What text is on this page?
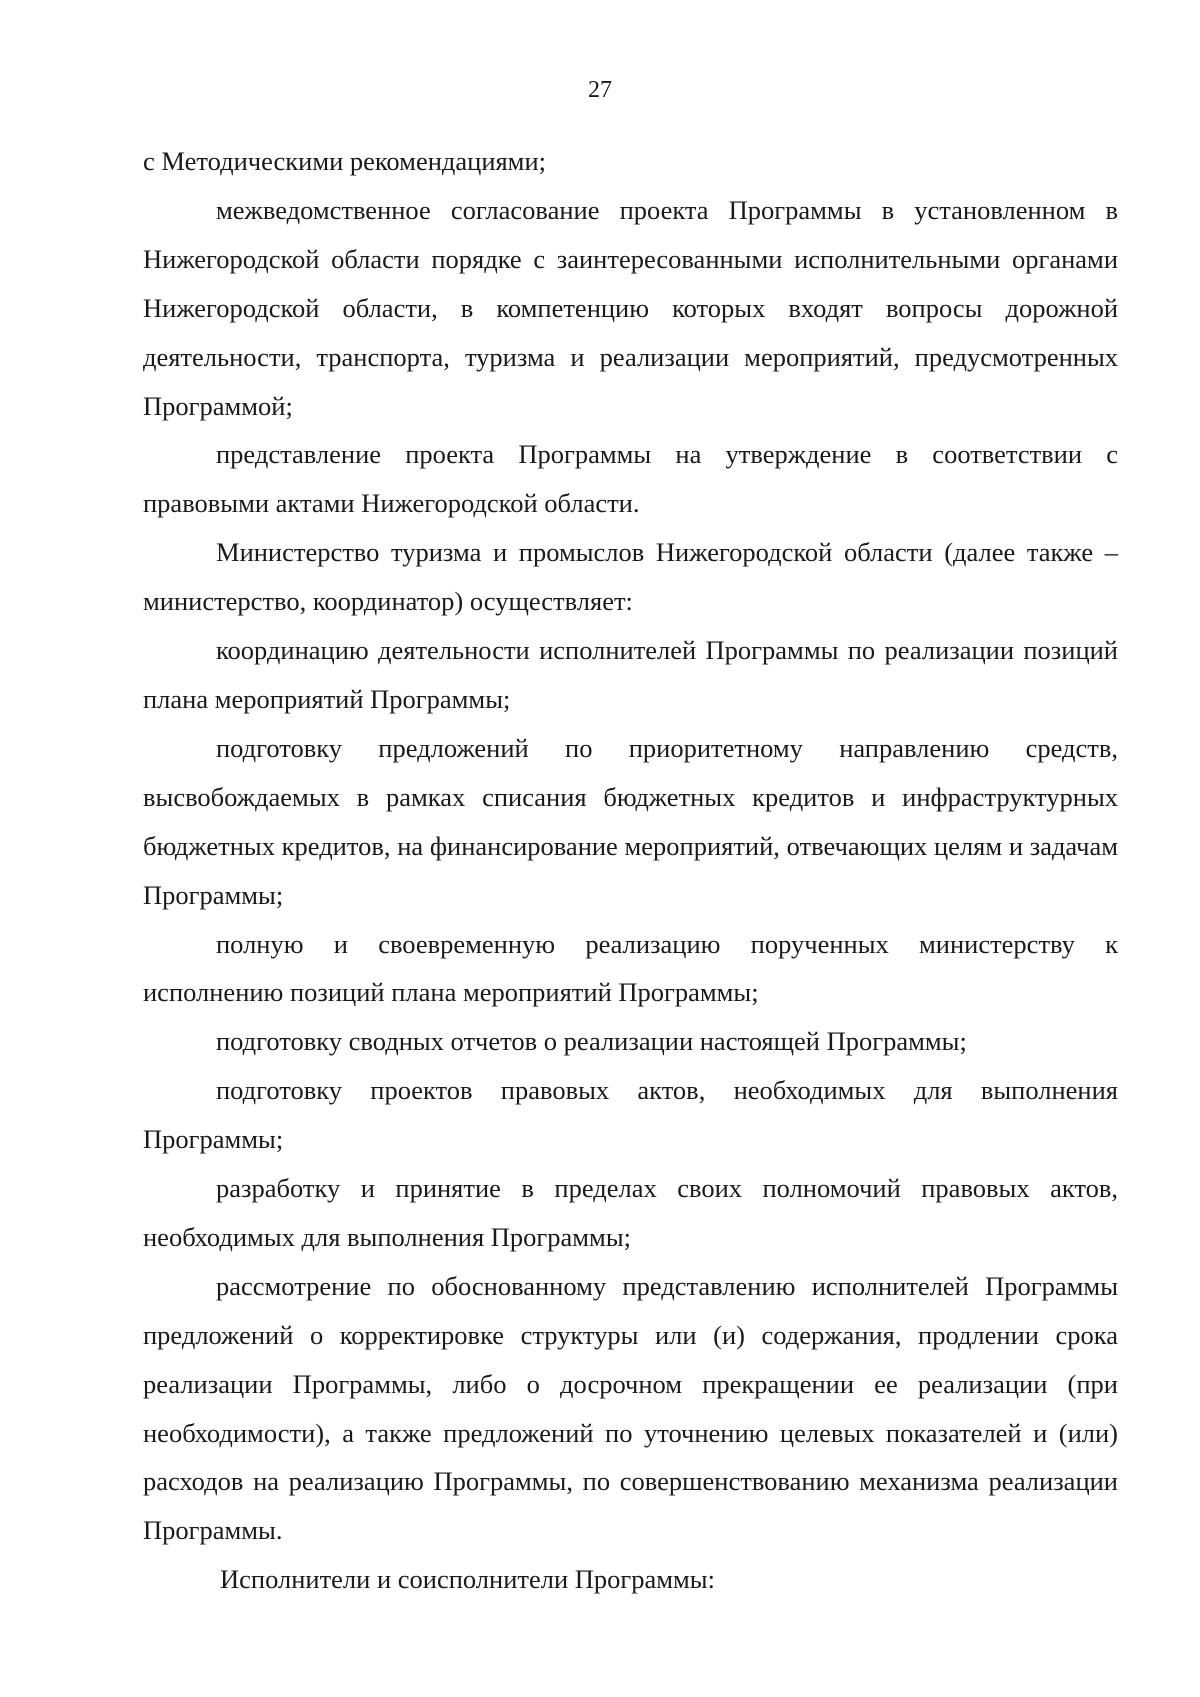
27

с Методическими рекомендациями;

межведомственное согласование проекта Программы в установленном в Нижегородской области порядке с заинтересованными исполнительными органами Нижегородской области, в компетенцию которых входят вопросы дорожной деятельности, транспорта, туризма и реализации мероприятий, предусмотренных Программой;

представление проекта Программы на утверждение в соответствии с правовыми актами Нижегородской области.

Министерство туризма и промыслов Нижегородской области (далее также – министерство, координатор) осуществляет:

координацию деятельности исполнителей Программы по реализации позиций плана мероприятий Программы;

подготовку предложений по приоритетному направлению средств, высвобождаемых в рамках списания бюджетных кредитов и инфраструктурных бюджетных кредитов, на финансирование мероприятий, отвечающих целям и задачам Программы;

полную и своевременную реализацию порученных министерству к исполнению позиций плана мероприятий Программы;

подготовку сводных отчетов о реализации настоящей Программы;

подготовку проектов правовых актов, необходимых для выполнения Программы;

разработку и принятие в пределах своих полномочий правовых актов, необходимых для выполнения Программы;

рассмотрение по обоснованному представлению исполнителей Программы предложений о корректировке структуры или (и) содержания, продлении срока реализации Программы, либо о досрочном прекращении ее реализации (при необходимости), а также предложений по уточнению целевых показателей и (или) расходов на реализацию Программы, по совершенствованию механизма реализации Программы.

Исполнители и соисполнители Программы:
